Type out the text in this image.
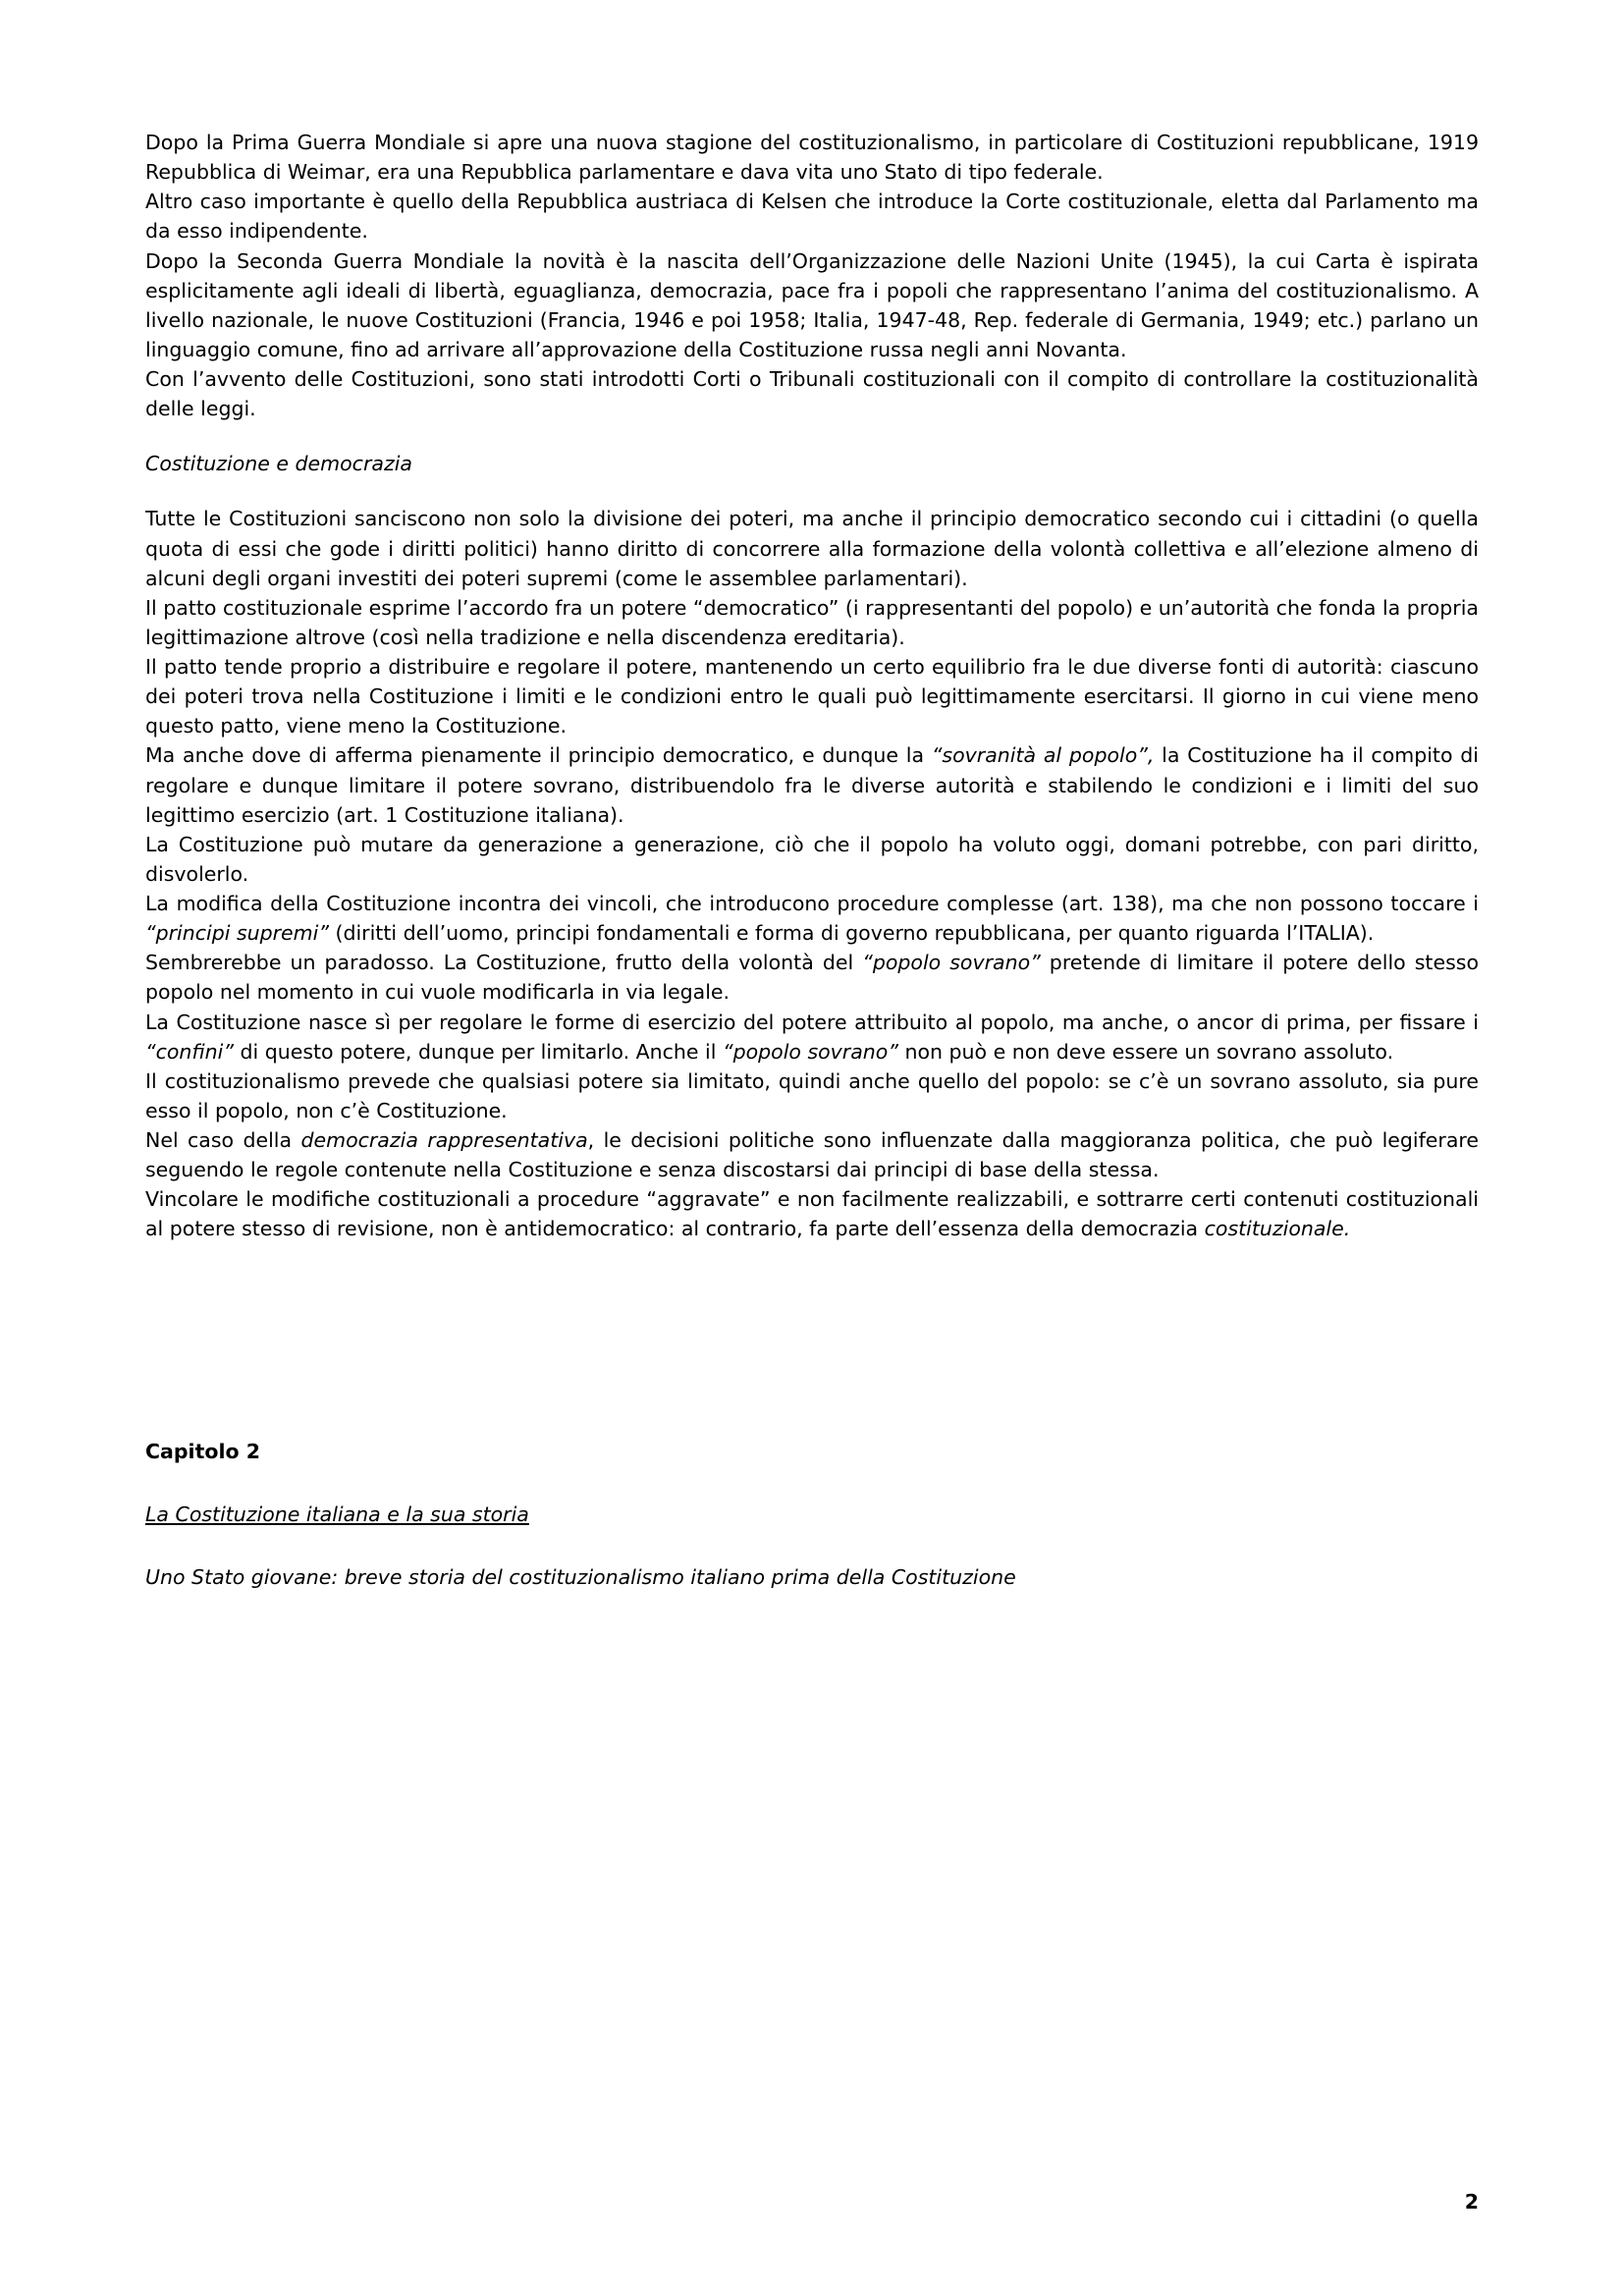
Dopo la Prima Guerra Mondiale si apre una nuova stagione del costituzionalismo, in particolare di Costituzioni repubblicane, 1919 Repubblica di Weimar, era una Repubblica parlamentare e dava vita uno Stato di tipo federale.

Altro caso importante è quello della Repubblica austriaca di Kelsen che introduce la Corte costituzionale, eletta dal Parlamento ma da esso indipendente.

Dopo la Seconda Guerra Mondiale la novità è la nascita dell’Organizzazione delle Nazioni Unite (1945), la cui Carta è ispirata esplicitamente agli ideali di libertà, eguaglianza, democrazia, pace fra i popoli che rappresentano l’anima del costituzionalismo. A livello nazionale, le nuove Costituzioni (Francia, 1946 e poi 1958; Italia, 1947-48, Rep. federale di Germania, 1949; etc.) parlano un linguaggio comune, fino ad arrivare all’approvazione della Costituzione russa negli anni Novanta.

Con l’avvento delle Costituzioni, sono stati introdotti Corti o Tribunali costituzionali con il compito di controllare la costituzionalità delle leggi.

Costituzione e democrazia

Tutte le Costituzioni sanciscono non solo la divisione dei poteri, ma anche il principio democratico secondo cui i cittadini (o quella quota di essi che gode i diritti politici) hanno diritto di concorrere alla formazione della volontà collettiva e all’elezione almeno di alcuni degli organi investiti dei poteri supremi (come le assemblee parlamentari).

Il patto costituzionale esprime l’accordo fra un potere “democratico” (i rappresentanti del popolo) e un’autorità che fonda la propria legittimazione altrove (così nella tradizione e nella discendenza ereditaria).

Il patto tende proprio a distribuire e regolare il potere, mantenendo un certo equilibrio fra le due diverse fonti di autorità: ciascuno dei poteri trova nella Costituzione i limiti e le condizioni entro le quali può legittimamente esercitarsi. Il giorno in cui viene meno questo patto, viene meno la Costituzione.

Ma anche dove di afferma pienamente il principio democratico, e dunque la “sovranità al popolo”, la Costituzione ha il compito di regolare e dunque limitare il potere sovrano, distribuendolo fra le diverse autorità e stabilendo le condizioni e i limiti del suo legittimo esercizio (art. 1 Costituzione italiana).

La Costituzione può mutare da generazione a generazione, ciò che il popolo ha voluto oggi, domani potrebbe, con pari diritto, disvolerlo.

La modifica della Costituzione incontra dei vincoli, che introducono procedure complesse (art. 138), ma che non possono toccare i “principi supremi” (diritti dell’uomo, principi fondamentali e forma di governo repubblicana, per quanto riguarda l’ITALIA).

Sembrerebbe un paradosso. La Costituzione, frutto della volontà del “popolo sovrano” pretende di limitare il potere dello stesso popolo nel momento in cui vuole modificarla in via legale.

La Costituzione nasce sì per regolare le forme di esercizio del potere attribuito al popolo, ma anche, o ancor di prima, per fissare i “confini” di questo potere, dunque per limitarlo. Anche il “popolo sovrano” non può e non deve essere un sovrano assoluto.

Il costituzionalismo prevede che qualsiasi potere sia limitato, quindi anche quello del popolo: se c’è un sovrano assoluto, sia pure esso il popolo, non c’è Costituzione.

Nel caso della democrazia rappresentativa, le decisioni politiche sono influenzate dalla maggioranza politica, che può legiferare seguendo le regole contenute nella Costituzione e senza discostarsi dai principi di base della stessa.

Vincolare le modifiche costituzionali a procedure “aggravate” e non facilmente realizzabili, e sottrarre certi contenuti costituzionali al potere stesso di revisione, non è antidemocratico: al contrario, fa parte dell’essenza della democrazia costituzionale.

Capitolo 2
La Costituzione italiana e la sua storia
Uno Stato giovane: breve storia del costituzionalismo italiano prima della Costituzione
2
